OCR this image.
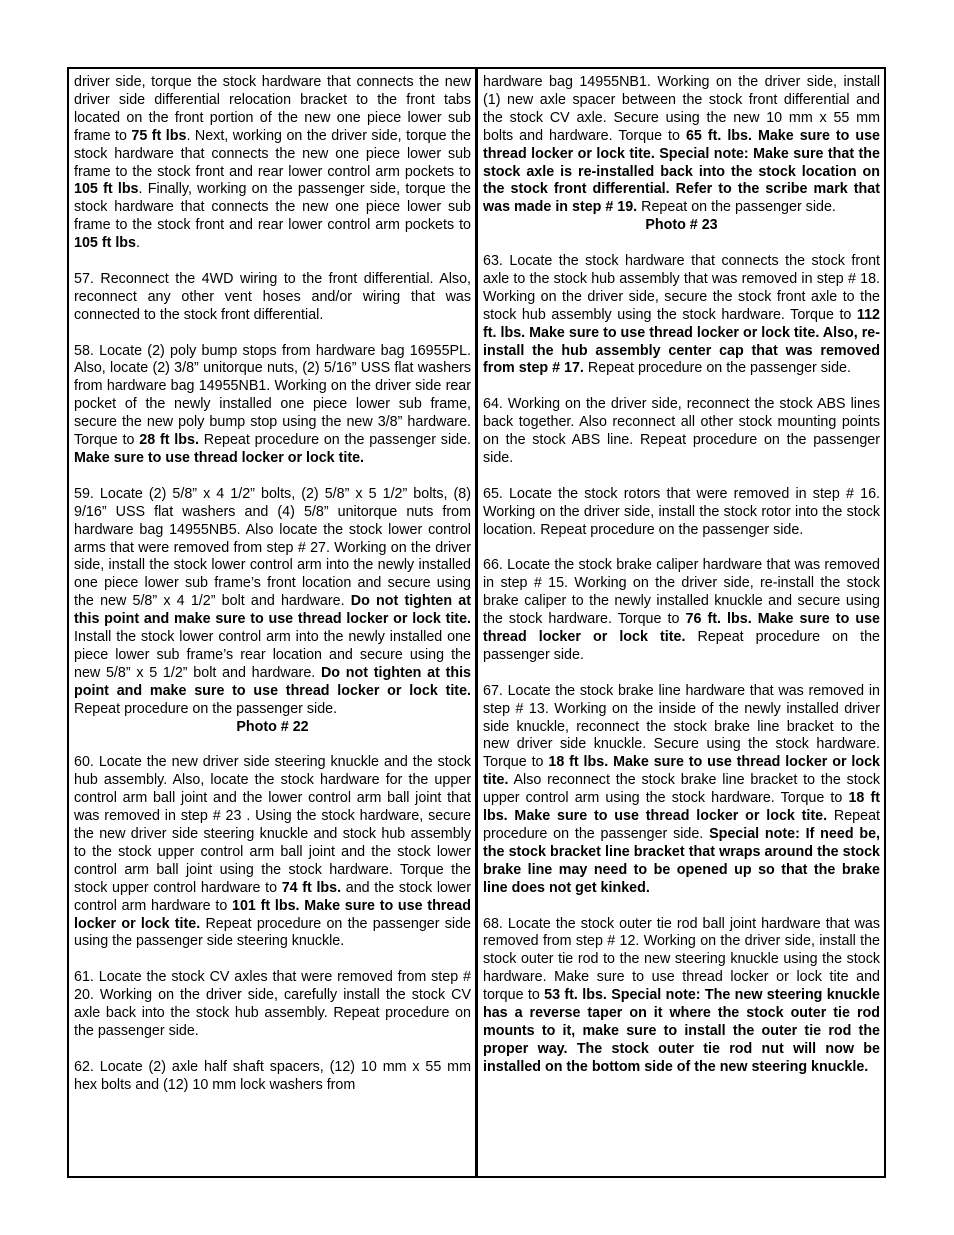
driver side, torque the stock hardware that connects the new driver side differential relocation bracket to the front tabs located on the front portion of the new one piece lower sub frame to 75 ft lbs. Next, working on the driver side, torque the stock hardware that connects the new one piece lower sub frame to the stock front and rear lower control arm pockets to 105 ft lbs. Finally, working on the passenger side, torque the stock hardware that connects the new one piece lower sub frame to the stock front and rear lower control arm pockets to 105 ft lbs.

57. Reconnect the 4WD wiring to the front differential. Also, reconnect any other vent hoses and/or wiring that was connected to the stock front differential.

58. Locate (2) poly bump stops from hardware bag 16955PL. Also, locate (2) 3/8” unitorque nuts, (2) 5/16” USS flat washers from hardware bag 14955NB1. Working on the driver side rear pocket of the newly installed one piece lower sub frame, secure the new poly bump stop using the new 3/8” hardware. Torque to 28 ft lbs. Repeat procedure on the passenger side. Make sure to use thread locker or lock tite.

59. Locate (2) 5/8” x 4 1/2” bolts, (2) 5/8” x 5 1/2” bolts, (8) 9/16” USS flat washers and (4) 5/8” unitorque nuts from hardware bag 14955NB5. Also locate the stock lower control arms that were removed from step # 27. Working on the driver side, install the stock lower control arm into the newly installed one piece lower sub frame’s front location and secure using the new 5/8” x 4 1/2” bolt and hardware. Do not tighten at this point and make sure to use thread locker or lock tite. Install the stock lower control arm into the newly installed one piece lower sub frame’s rear location and secure using the new 5/8” x 5 1/2” bolt and hardware. Do not tighten at this point and make sure to use thread locker or lock tite. Repeat procedure on the passenger side.

Photo # 22

60. Locate the new driver side steering knuckle and the stock hub assembly. Also, locate the stock hardware for the upper control arm ball joint and the lower control arm ball joint that was removed in step # 23 . Using the stock hardware, secure the new driver side steering knuckle and stock hub assembly to the stock upper control arm ball joint and the stock lower control arm ball joint using the stock hardware. Torque the stock upper control hardware to 74 ft lbs. and the stock lower control arm hardware to 101 ft lbs. Make sure to use thread locker or lock tite. Repeat procedure on the passenger side using the passenger side steering knuckle.

61. Locate the stock CV axles that were removed from step # 20. Working on the driver side, carefully install the stock CV axle back into the stock hub assembly. Repeat procedure on the passenger side.

62. Locate (2) axle half shaft spacers, (12) 10 mm x 55 mm hex bolts and (12) 10 mm lock washers from

hardware bag 14955NB1. Working on the driver side, install (1) new axle spacer between the stock front differential and the stock CV axle. Secure using the new 10 mm x 55 mm bolts and hardware. Torque to 65 ft. lbs. Make sure to use thread locker or lock tite. Special note: Make sure that the stock axle is re-installed back into the stock location on the stock front differential. Refer to the scribe mark that was made in step # 19. Repeat on the passenger side.

Photo # 23

63. Locate the stock hardware that connects the stock front axle to the stock hub assembly that was removed in step # 18. Working on the driver side, secure the stock front axle to the stock hub assembly using the stock hardware. Torque to 112 ft. lbs. Make sure to use thread locker or lock tite. Also, re-install the hub assembly center cap that was removed from step # 17. Repeat procedure on the passenger side.

64. Working on the driver side, reconnect the stock ABS lines back together. Also reconnect all other stock mounting points on the stock ABS line. Repeat procedure on the passenger side.

65. Locate the stock rotors that were removed in step # 16. Working on the driver side, install the stock rotor into the stock location. Repeat procedure on the passenger side.

66. Locate the stock brake caliper hardware that was removed in step # 15. Working on the driver side, re-install the stock brake caliper to the newly installed knuckle and secure using the stock hardware. Torque to 76 ft. lbs. Make sure to use thread locker or lock tite. Repeat procedure on the passenger side.

67. Locate the stock brake line hardware that was removed in step # 13. Working on the inside of the newly installed driver side knuckle, reconnect the stock brake line bracket to the new driver side knuckle. Secure using the stock hardware. Torque to 18 ft lbs. Make sure to use thread locker or lock tite. Also reconnect the stock brake line bracket to the stock upper control arm using the stock hardware. Torque to 18 ft lbs. Make sure to use thread locker or lock tite. Repeat procedure on the passenger side. Special note: If need be, the stock bracket line bracket that wraps around the stock brake line may need to be opened up so that the brake line does not get kinked.

68. Locate the stock outer tie rod ball joint hardware that was removed from step # 12. Working on the driver side, install the stock outer tie rod to the new steering knuckle using the stock hardware. Make sure to use thread locker or lock tite and torque to 53 ft. lbs. Special note: The new steering knuckle has a reverse taper on it where the stock outer tie rod mounts to it, make sure to install the outer tie rod the proper way. The stock outer tie rod nut will now be installed on the bottom side of the new steering knuckle.
